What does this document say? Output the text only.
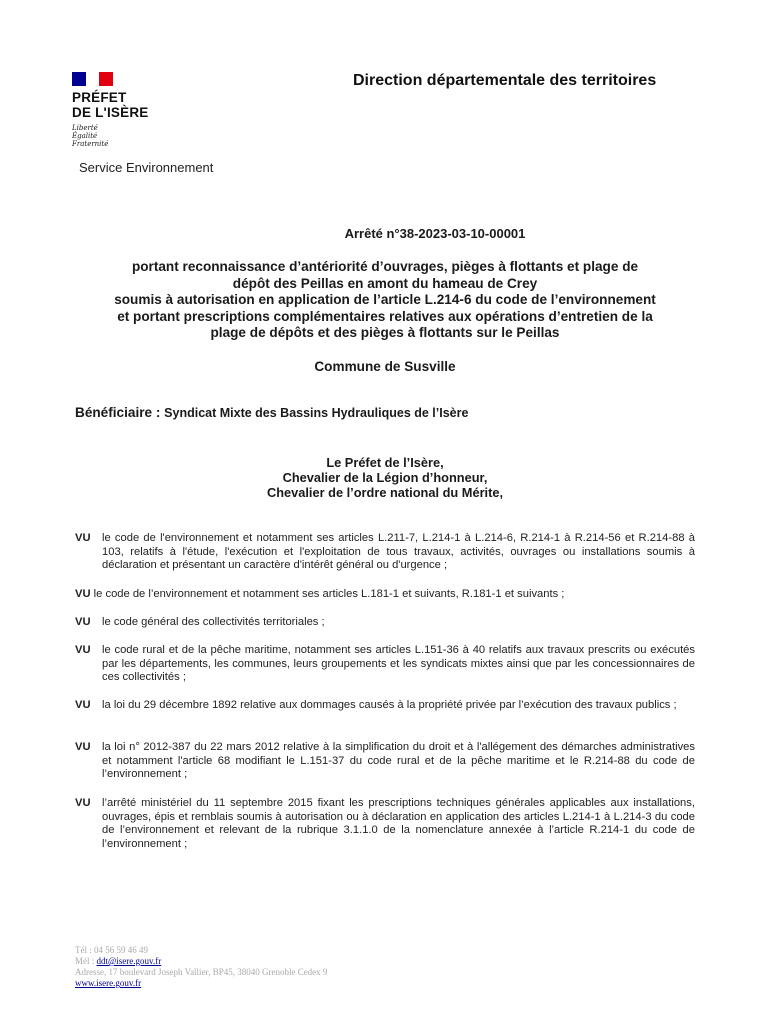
PRÉFET
DE L'ISÈRE
Liberté
Égalité
Fraternité
Direction départementale des territoires
Service Environnement
Arrêté n°38-2023-03-10-00001
portant reconnaissance d’antériorité d’ouvrages, pièges à flottants et plage de
dépôt des Peillas en amont du hameau de Crey
soumis à autorisation en application de l’article L.214-6 du code de l’environnement
et portant prescriptions complémentaires relatives aux opérations d’entretien de la
plage de dépôts et des pièges à flottants sur le Peillas
Commune de Susville
Bénéficiaire : Syndicat Mixte des Bassins Hydrauliques de l’Isère
Le Préfet de l’Isère,
Chevalier de la Légion d’honneur,
Chevalier de l’ordre national du Mérite,
VU le code de l'environnement et notamment ses articles L.211-7, L.214-1 à L.214-6, R.214-1 à R.214-56 et R.214-88 à 103, relatifs à l'étude, l'exécution et l'exploitation de tous travaux, activités, ouvrages ou installations soumis à déclaration et présentant un caractère d'intérêt général ou d'urgence ;
VU le code de l’environnement et notamment ses articles L.181-1 et suivants, R.181-1 et suivants ;
VU le code général des collectivités territoriales ;
VU le code rural et de la pêche maritime, notamment ses articles L.151-36 à 40 relatifs aux travaux prescrits ou exécutés par les départements, les communes, leurs groupements et les syndicats mixtes ainsi que par les concessionnaires de ces collectivités ;
VU la loi du 29 décembre 1892 relative aux dommages causés à la propriété privée par l’exécution des travaux publics ;
VU la loi n° 2012-387 du 22 mars 2012 relative à la simplification du droit et à l'allégement des démarches administratives et notamment l'article 68 modifiant le L.151-37 du code rural et de la pêche maritime et le R.214-88 du code de l’environnement ;
VU l’arrêté ministériel du 11 septembre 2015 fixant les prescriptions techniques générales applicables aux installations, ouvrages, épis et remblais soumis à autorisation ou à déclaration en application des articles L.214-1 à L.214-3 du code de l’environnement et relevant de la rubrique 3.1.1.0 de la nomenclature annexée à l’article R.214-1 du code de l’environnement ;
Tél : 04 56 59 46 49
Mél : ddt@isere.gouv.fr
Adresse, 17 boulevard Joseph Vallier, BP45, 38040 Grenoble Cedex 9
www.isere.gouv.fr
